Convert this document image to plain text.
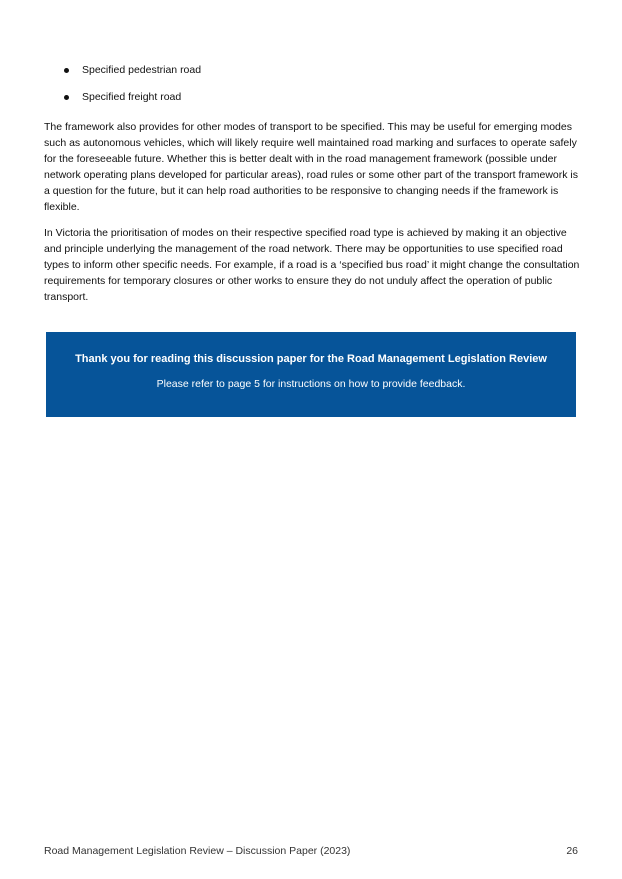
Specified pedestrian road
Specified freight road

The framework also provides for other modes of transport to be specified. This may be useful for emerging modes such as autonomous vehicles, which will likely require well maintained road marking and surfaces to operate safely for the foreseeable future. Whether this is better dealt with in the road management framework (possible under network operating plans developed for particular areas), road rules or some other part of the transport framework is a question for the future, but it can help road authorities to be responsive to changing needs if the framework is flexible.

In Victoria the prioritisation of modes on their respective specified road type is achieved by making it an objective and principle underlying the management of the road network. There may be opportunities to use specified road types to inform other specific needs. For example, if a road is a ‘specified bus road’ it might change the consultation requirements for temporary closures or other works to ensure they do not unduly affect the operation of public transport.

Thank you for reading this discussion paper for the Road Management Legislation Review
Please refer to page 5 for instructions on how to provide feedback.
Road Management Legislation Review – Discussion Paper (2023)	26
